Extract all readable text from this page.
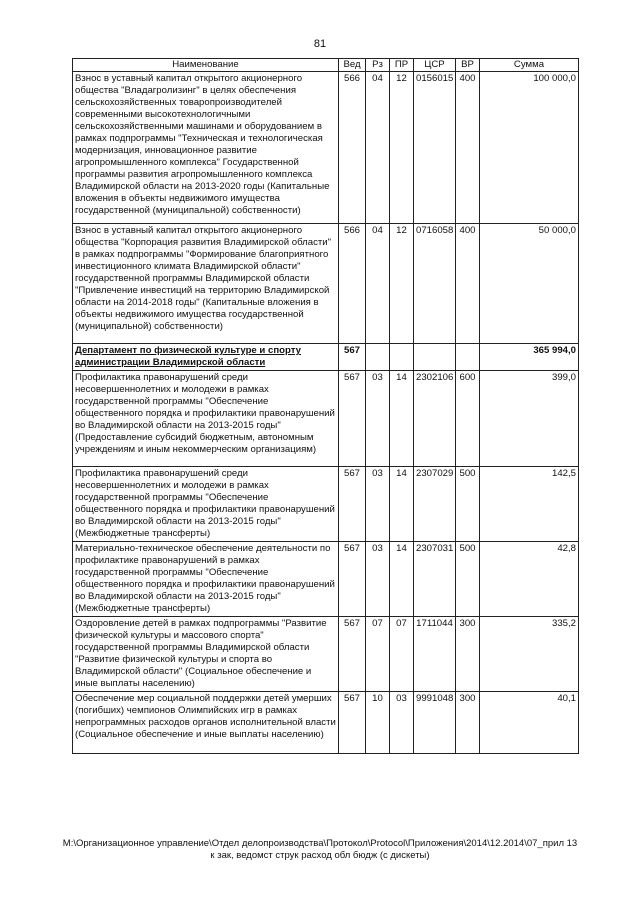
81
Наименование	Вед	Рз	ПР	ЦСР	ВР	Сумма
Взнос в уставный капитал открытого акционерного общества "Владагролизинг" в целях обеспечения сельскохозяйственных товаропроизводителей современными высокотехнологичными сельскохозяйственными машинами и оборудованием в рамках подпрограммы "Техническая и технологическая модернизация, инновационное развитие агропромышленного комплекса" Государственной программы развития агропромышленного комплекса Владимирской области на 2013-2020 годы (Капитальные вложения в объекты недвижимого имущества государственной (муниципальной) собственности)	566	04	12	0156015	400	100 000,0
Взнос в уставный капитал открытого акционерного общества "Корпорация развития Владимирской области" в рамках подпрограммы "Формирование благоприятного инвестиционного климата Владимирской области" государственной программы Владимирской области "Привлечение инвестиций на территорию Владимирской области на 2014-2018 годы" (Капитальные вложения в объекты недвижимого имущества государственной (муниципальной) собственности)	566	04	12	0716058	400	50 000,0
Департамент по физической культуре и спорту администрации Владимирской области	567					365 994,0
Профилактика правонарушений среди несовершеннолетних и молодежи в рамках государственной программы "Обеспечение общественного порядка и профилактики правонарушений во Владимирской области на 2013-2015 годы" (Предоставление субсидий бюджетным, автономным учреждениям и иным некоммерческим организациям)	567	03	14	2302106	600	399,0
Профилактика правонарушений среди несовершеннолетних и молодежи в рамках государственной программы "Обеспечение общественного порядка и профилактики правонарушений во Владимирской области на 2013-2015 годы" (Межбюджетные трансферты)	567	03	14	2307029	500	142,5
Материально-техническое обеспечение деятельности по профилактике правонарушений в рамках государственной программы "Обеспечение общественного порядка и профилактики правонарушений во Владимирской области на 2013-2015 годы" (Межбюджетные трансферты)	567	03	14	2307031	500	42,8
Оздоровление детей в рамках подпрограммы "Развитие физической культуры и массового спорта" государственной программы Владимирской области "Развитие физической культуры и спорта во Владимирской области" (Социальное обеспечение и иные выплаты населению)	567	07	07	1711044	300	335,2
Обеспечение мер социальной поддержки детей умерших (погибших) чемпионов Олимпийских игр в рамках непрограммных расходов органов исполнительной власти (Социальное обеспечение и иные выплаты населению)	567	10	03	9991048	300	40,1
M:\Организационное управление\Отдел делопроизводства\Протокол\Protocol\Приложения\2014\12.2014\07_прил 13
к зак, ведомст струк расход обл бюдж (с дискеты)
